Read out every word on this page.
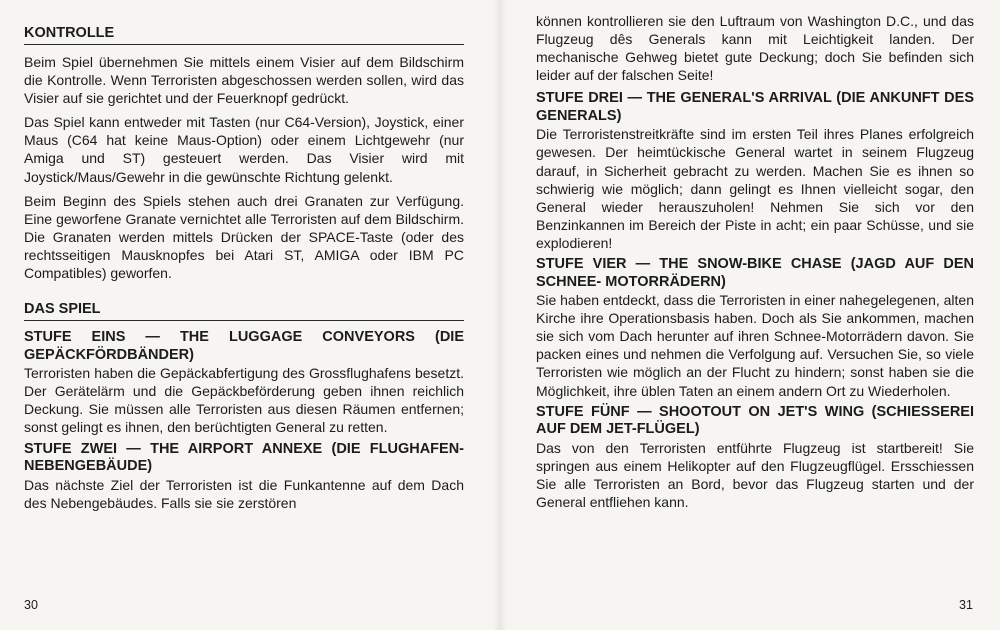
KONTROLLE

Beim Spiel übernehmen Sie mittels einem Visier auf dem Bildschirm die Kontrolle. Wenn Terroristen abgeschossen werden sollen, wird das Visier auf sie gerichtet und der Feuerknopf gedrückt.

Das Spiel kann entweder mit Tasten (nur C64-Version), Joystick, einer Maus (C64 hat keine Maus-Option) oder einem Lichtgewehr (nur Amiga und ST) gesteuert werden. Das Visier wird mit Joystick/Maus/Gewehr in die gewünschte Richtung gelenkt.

Beim Beginn des Spiels stehen auch drei Granaten zur Verfügung. Eine geworfene Granate vernichtet alle Terroristen auf dem Bildschirm. Die Granaten werden mittels Drücken der SPACE-Taste (oder des rechtsseitigen Mausknopfes bei Atari ST, AMIGA oder IBM PC Compatibles) geworfen.

DAS SPIEL
STUFE EINS — THE LUGGAGE CONVEYORS (DIE GEPÄCKFÖRDBÄNDER)

Terroristen haben die Gepäckabfertigung des Grossflughafens besetzt. Der Gerätelärm und die Gepäckbeförderung geben ihnen reichlich Deckung. Sie müssen alle Terroristen aus diesen Räumen entfernen; sonst gelingt es ihnen, den berüchtigten General zu retten.

STUFE ZWEI — THE AIRPORT ANNEXE (DIE FLUGHAFEN-NEBENGEBÄUDE)

Das nächste Ziel der Terroristen ist die Funkantenne auf dem Dach des Nebengebäudes. Falls sie sie zerstören

30

können kontrollieren sie den Luftraum von Washington D.C., und das Flugzeug dês Generals kann mit Leichtigkeit landen. Der mechanische Gehweg bietet gute Deckung; doch Sie befinden sich leider auf der falschen Seite!

STUFE DREI — THE GENERAL'S ARRIVAL (DIE ANKUNFT DES GENERALS)

Die Terroristenstreitkräfte sind im ersten Teil ihres Planes erfolgreich gewesen. Der heimtückische General wartet in seinem Flugzeug darauf, in Sicherheit gebracht zu werden. Machen Sie es ihnen so schwierig wie möglich; dann gelingt es Ihnen vielleicht sogar, den General wieder herauszuholen! Nehmen Sie sich vor den Benzinkannen im Bereich der Piste in acht; ein paar Schüsse, und sie explodieren!

STUFE VIER — THE SNOW-BIKE CHASE (JAGD AUF DEN SCHNEE- MOTORRÄDERN)

Sie haben entdeckt, dass die Terroristen in einer nahegelegenen, alten Kirche ihre Operationsbasis haben. Doch als Sie ankommen, machen sie sich vom Dach herunter auf ihren Schnee-Motorrädern davon. Sie packen eines und nehmen die Verfolgung auf. Versuchen Sie, so viele Terroristen wie möglich an der Flucht zu hindern; sonst haben sie die Möglichkeit, ihre üblen Taten an einem andern Ort zu Wiederholen.

STUFE FÜNF — SHOOTOUT ON JET'S WING (SCHIESSEREI AUF DEM JET-FLÜGEL)

Das von den Terroristen entführte Flugzeug ist startbereit! Sie springen aus einem Helikopter auf den Flugzeugflügel. Ersschiessen Sie alle Terroristen an Bord, bevor das Flugzeug starten und der General entfliehen kann.

31
